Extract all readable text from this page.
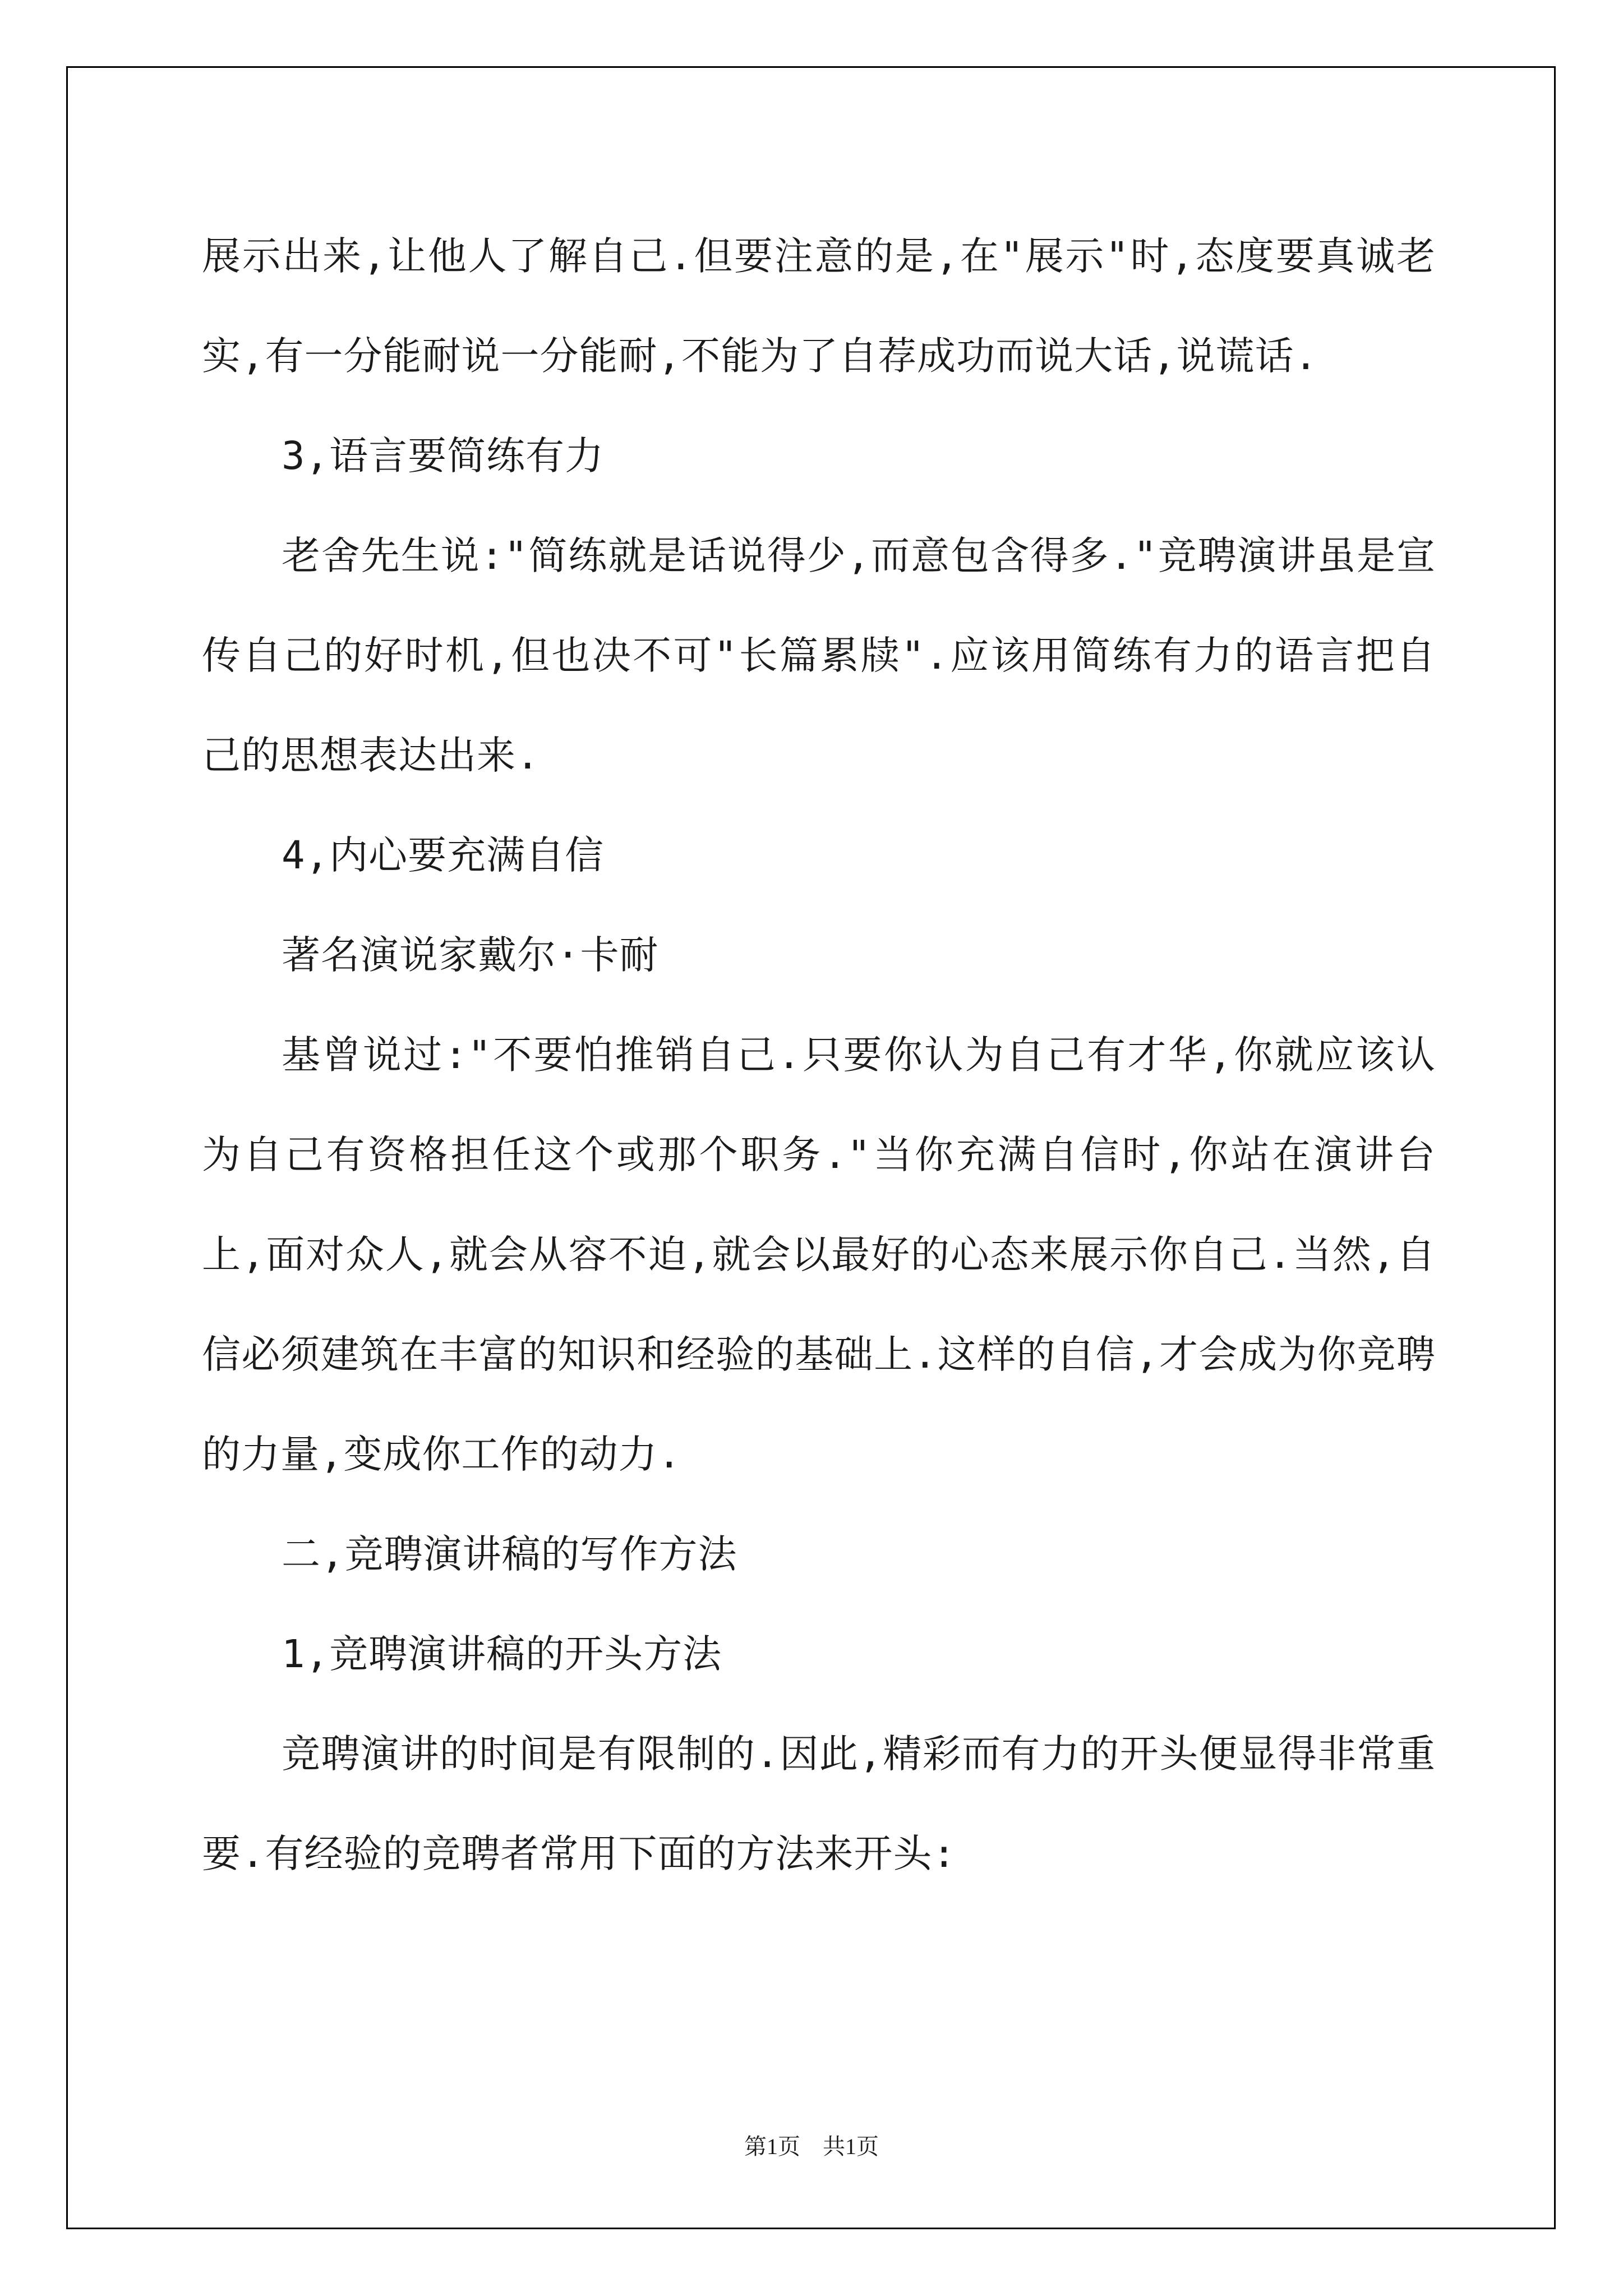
展示出来,让他人了解自己.但要注意的是,在"展示"时,态度要真诚老实,有一分能耐说一分能耐,不能为了自荐成功而说大话,说谎话.

3,语言要简练有力

老舍先生说:"简练就是话说得少,而意包含得多."竞聘演讲虽是宣传自己的好时机,但也决不可"长篇累牍".应该用简练有力的语言把自己的思想表达出来.

4,内心要充满自信

著名演说家戴尔·卡耐

基曾说过:"不要怕推销自己.只要你认为自己有才华,你就应该认为自己有资格担任这个或那个职务."当你充满自信时,你站在演讲台上,面对众人,就会从容不迫,就会以最好的心态来展示你自己.当然,自信必须建筑在丰富的知识和经验的基础上.这样的自信,才会成为你竞聘的力量,变成你工作的动力.

二,竞聘演讲稿的写作方法

1,竞聘演讲稿的开头方法

竞聘演讲的时间是有限制的.因此,精彩而有力的开头便显得非常重要.有经验的竞聘者常用下面的方法来开头:

第1页　共1页
